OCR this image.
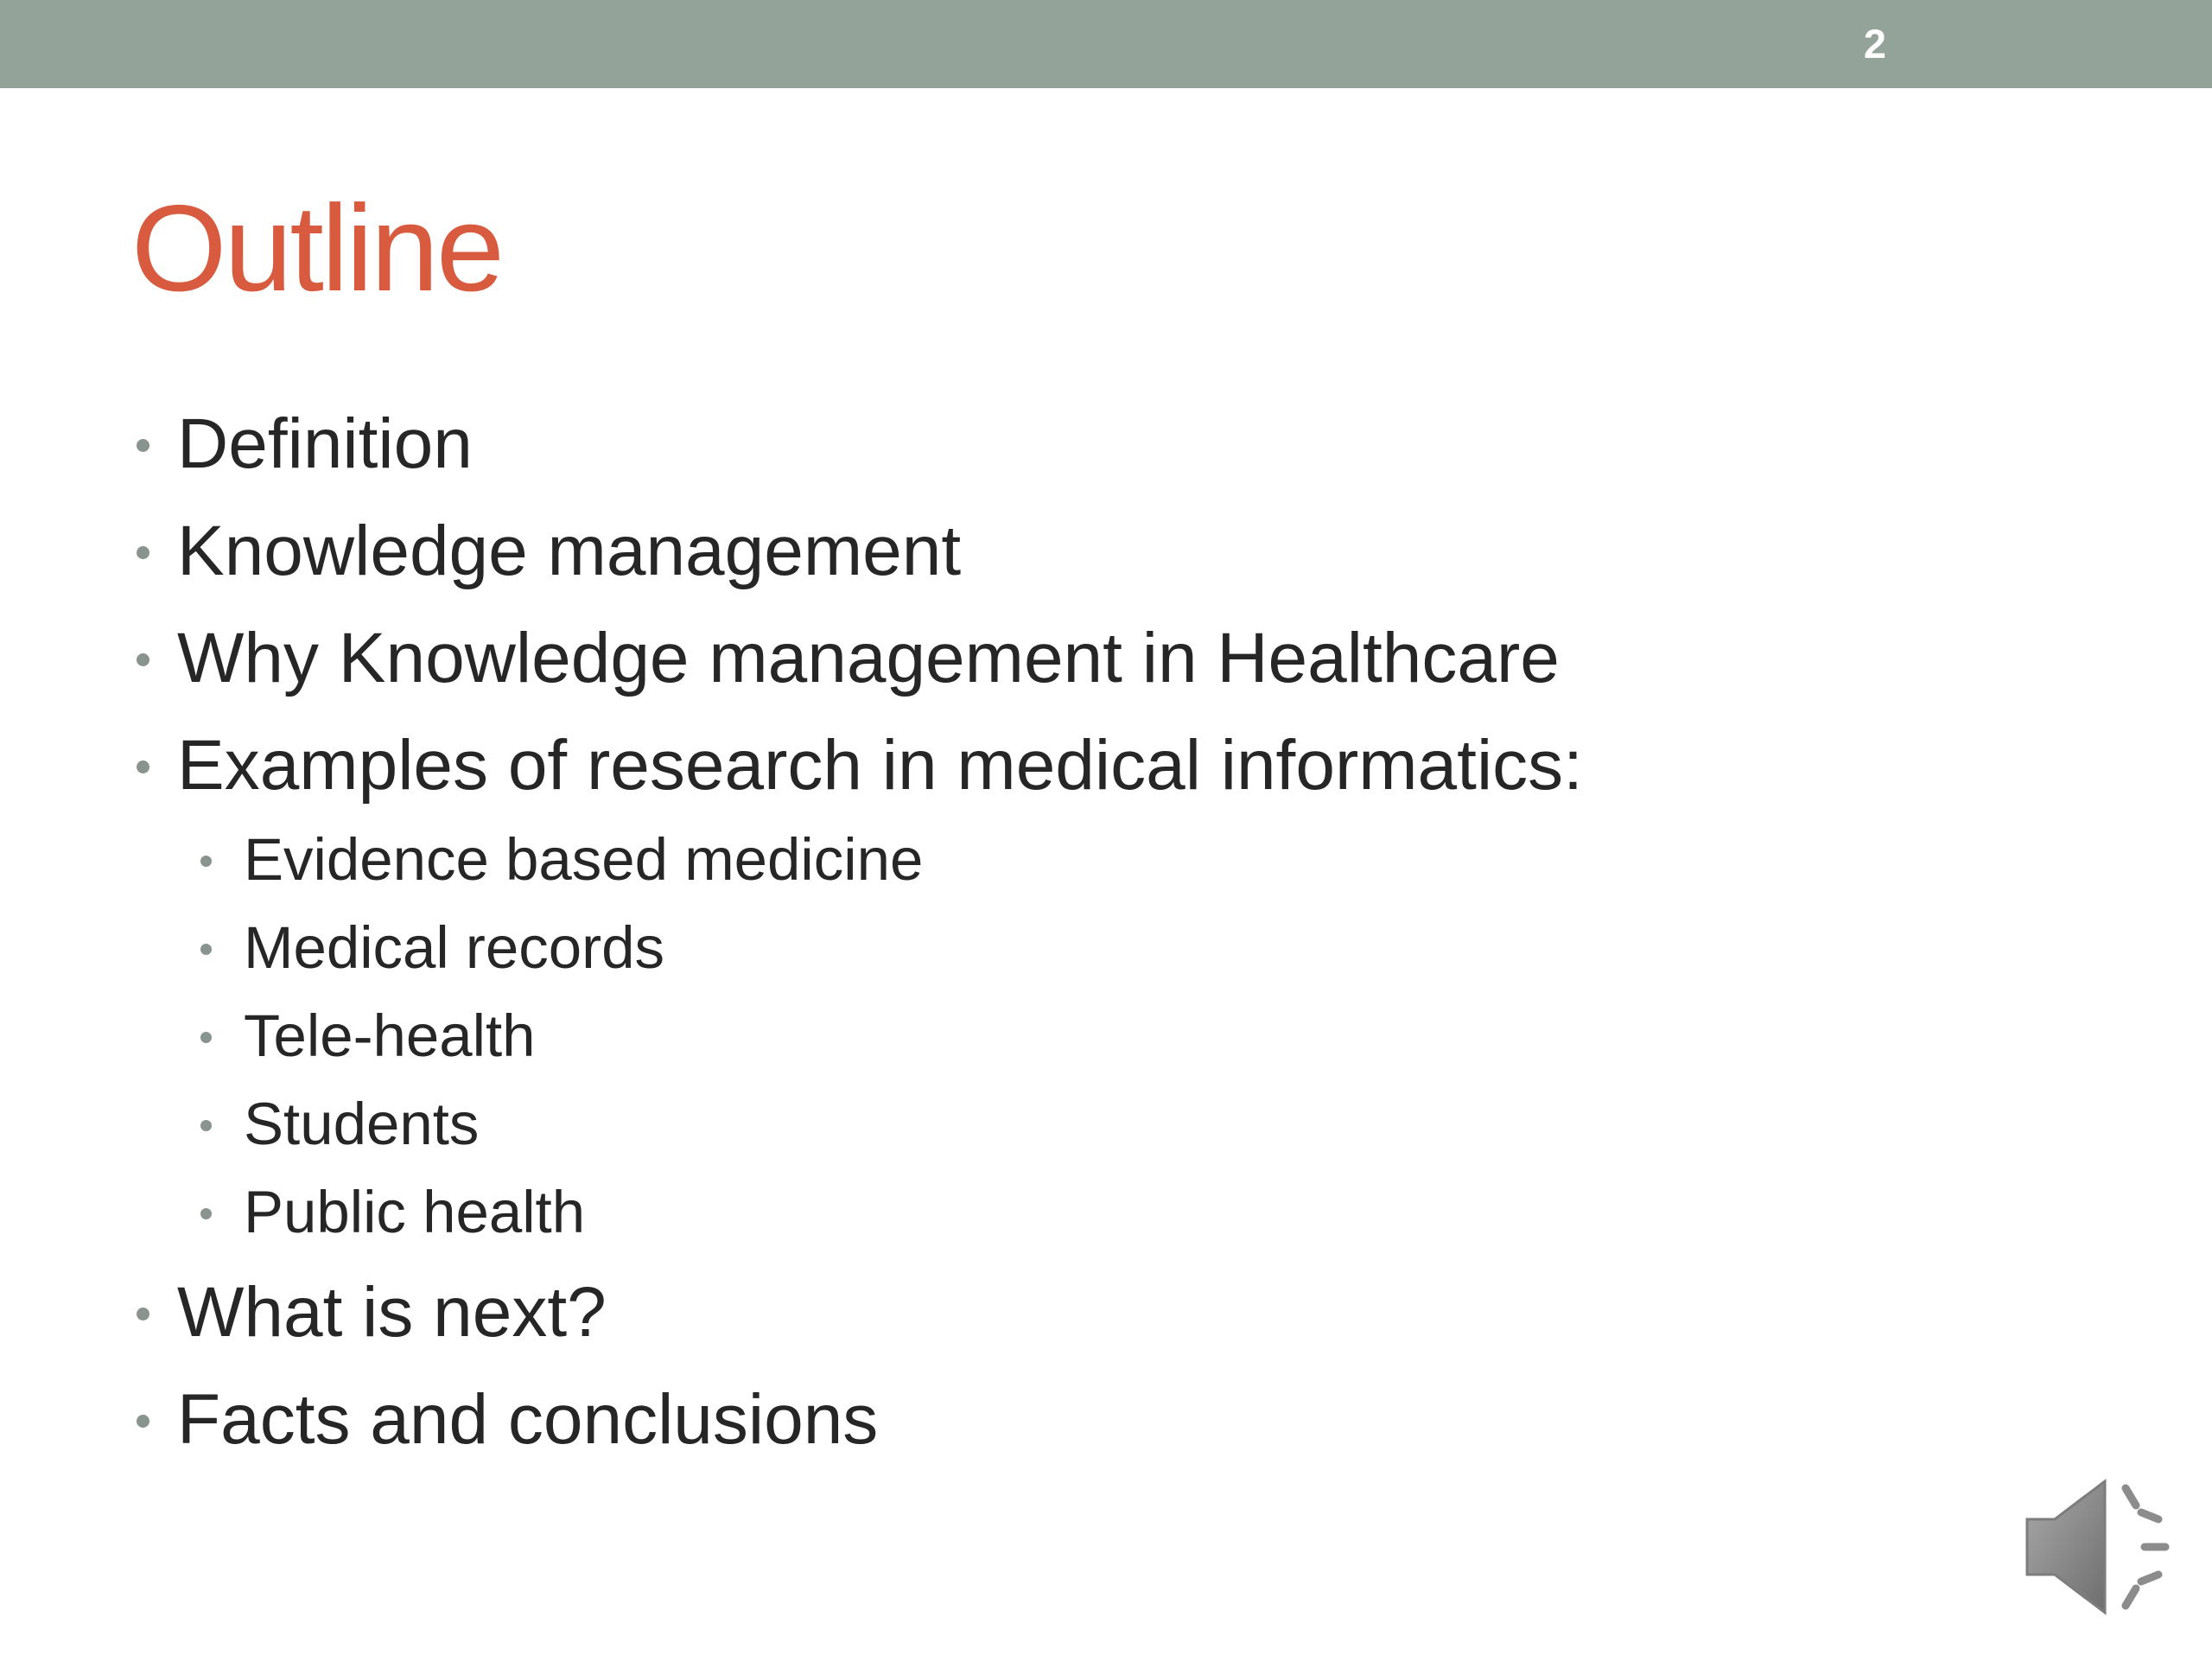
2
Outline
Definition
Knowledge management
Why Knowledge management in Healthcare
Examples of research in medical informatics:
Evidence based medicine
Medical records
Tele-health
Students
Public health
What is next?
Facts and conclusions
